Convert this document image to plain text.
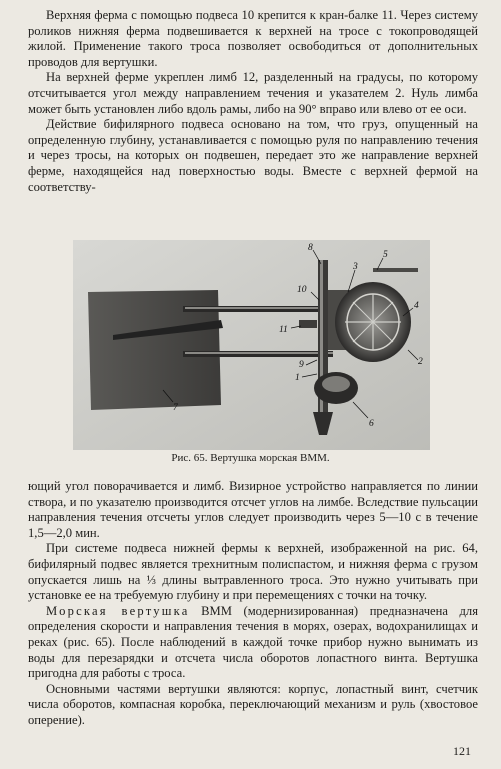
Верхняя ферма с помощью подвеса 10 крепится к кран-балке 11. Через систему роликов нижняя ферма подвешивается к верхней на тросе с токопроводящей жилой. Применение такого троса позволяет освободиться от дополнительных проводов для вертушки.

На верхней ферме укреплен лимб 12, разделенный на градусы, по которому отсчитывается угол между направлением течения и указателем 2. Нуль лимба может быть установлен либо вдоль рамы, либо на 90° вправо или влево от ее оси.

Действие бифилярного подвеса основано на том, что груз, опущенный на определенную глубину, устанавливается с помощью руля по направлению течения и через тросы, на которых он подвешен, передает это же направление верхней ферме, находящейся над поверхностью воды. Вместе с верхней фермой на соответству-

8
5
3
10
4
11
2
9
1
7
6
Рис. 65. Вертушка морская ВММ.

ющий угол поворачивается и лимб. Визирное устройство направляется по линии створа, и по указателю производится отсчет углов на лимбе. Вследствие пульсации направления течения отсчеты углов следует производить через 5—10 с в течение 1,5—2,0 мин.

При системе подвеса нижней фермы к верхней, изображенной на рис. 64, бифилярный подвес является трехнитным полиспастом, и нижняя ферма с грузом опускается лишь на ⅓ длины вытравленного троса. Это нужно учитывать при установке ее на требуемую глубину и при перемещениях с точки на точку.

Морская вертушка ВММ (модернизированная) предназначена для определения скорости и направления течения в морях, озерах, водохранилищах и реках (рис. 65). После наблюдений в каждой точке прибор нужно вынимать из воды для перезарядки и отсчета числа оборотов лопастного винта. Вертушка пригодна для работы с троса.

Основными частями вертушки являются: корпус, лопастный винт, счетчик числа оборотов, компасная коробка, переключающий механизм и руль (хвостовое оперение).

121
